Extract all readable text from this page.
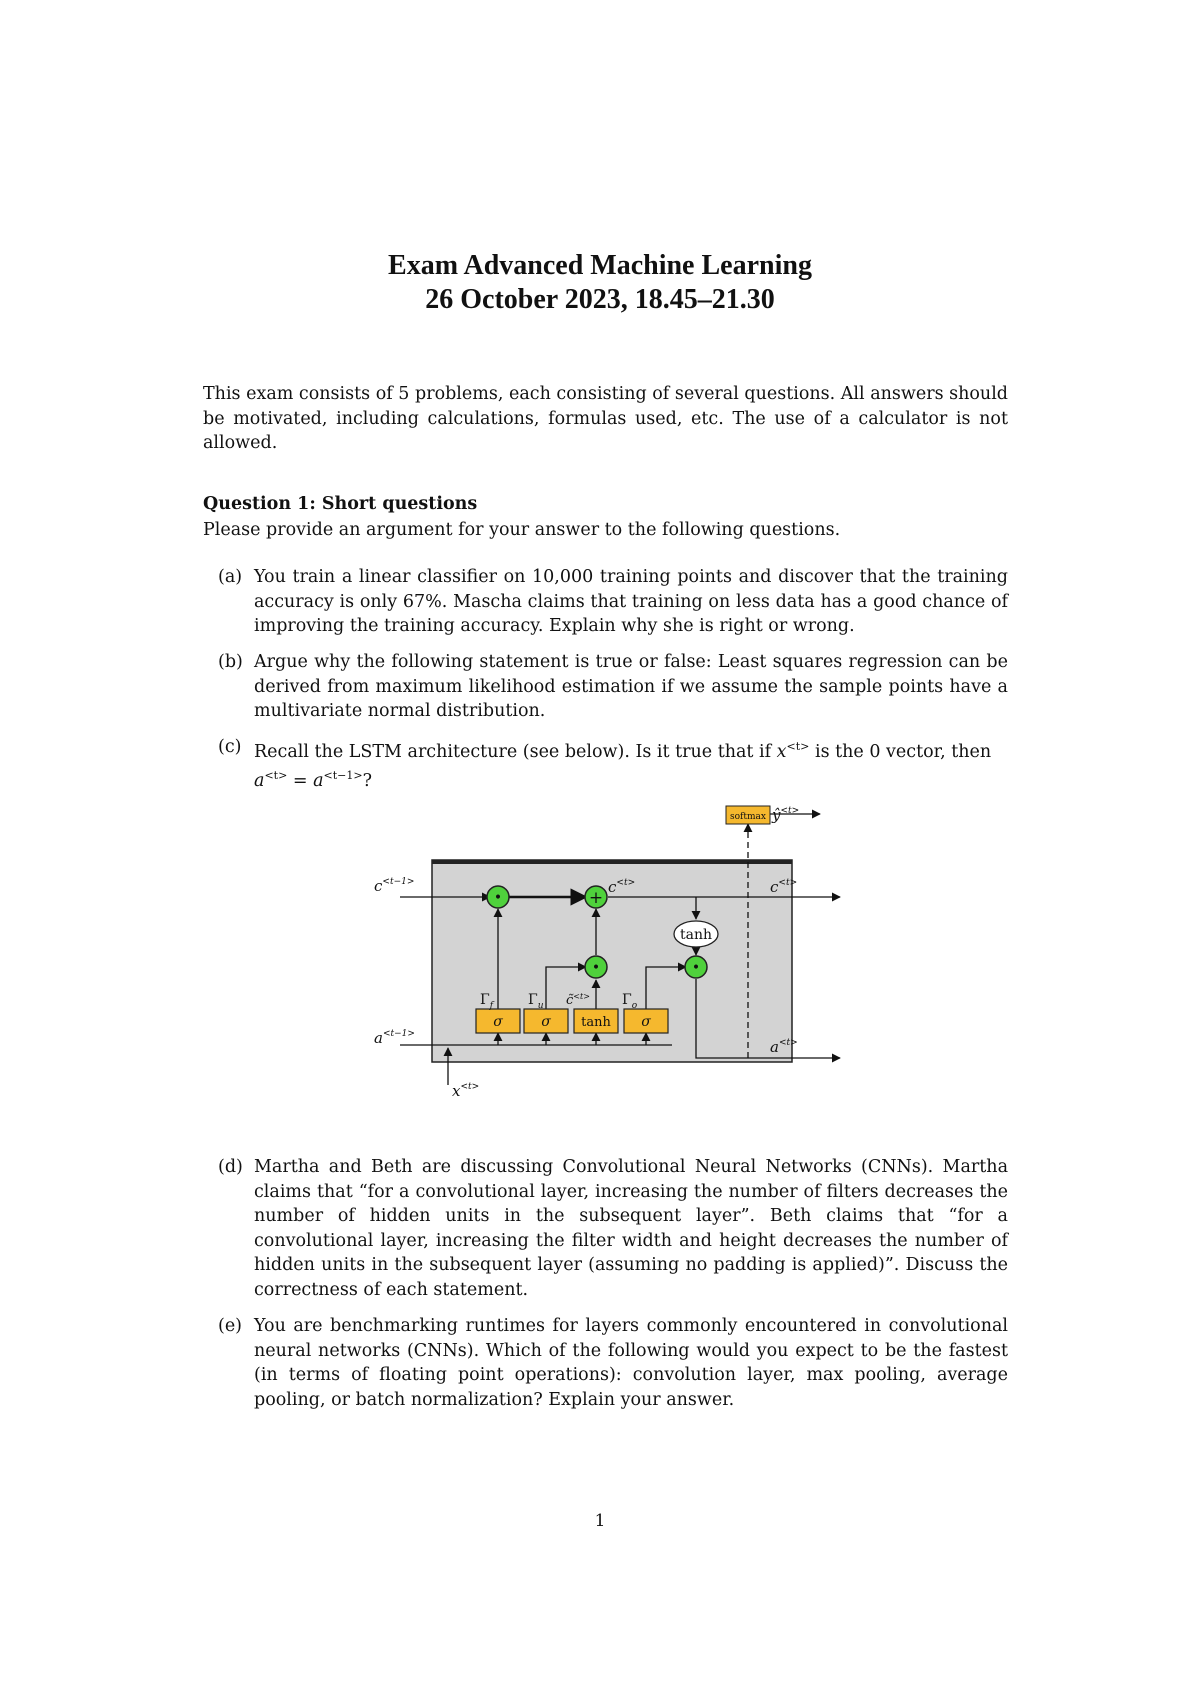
Exam Advanced Machine Learning
26 October 2023, 18.45–21.30
This exam consists of 5 problems, each consisting of several questions. All answers should be motivated, including calculations, formulas used, etc. The use of a calculator is not allowed.
Question 1: Short questions
Please provide an argument for your answer to the following questions.
(a) You train a linear classifier on 10,000 training points and discover that the training accuracy is only 67%. Mascha claims that training on less data has a good chance of improving the training accuracy. Explain why she is right or wrong.
(b) Argue why the following statement is true or false: Least squares regression can be derived from maximum likelihood estimation if we assume the sample points have a multivariate normal distribution.
(c) Recall the LSTM architecture (see below). Is it true that if $x^{<t>}$ is the 0 vector, then
$a^{<t>} = a^{<t-1>}$?
softmax
•	+
•	•
tanh
σ	σ tanh σ
$\Gamma_f$ $\Gamma_u$ c̃$^{<t>}$ $\Gamma_o$
$c^{<t-1>}$
$a^{<t-1>}$
$c^{<t>}$	$c^{<t>}$
$a^{<t>}$
$x^{<t>}$
$ŷ^{<t>}$
(d) Martha and Beth are discussing Convolutional Neural Networks (CNNs). Martha claims that “for a convolutional layer, increasing the number of filters decreases the number of hidden units in the subsequent layer”. Beth claims that “for a convolutional layer, increasing the filter width and height decreases the number of hidden units in the subsequent layer (assuming no padding is applied)”. Discuss the correctness of each statement.
(e) You are benchmarking runtimes for layers commonly encountered in convolutional neural networks (CNNs). Which of the following would you expect to be the fastest (in terms of floating point operations): convolution layer, max pooling, average pooling, or batch normalization? Explain your answer.
1
